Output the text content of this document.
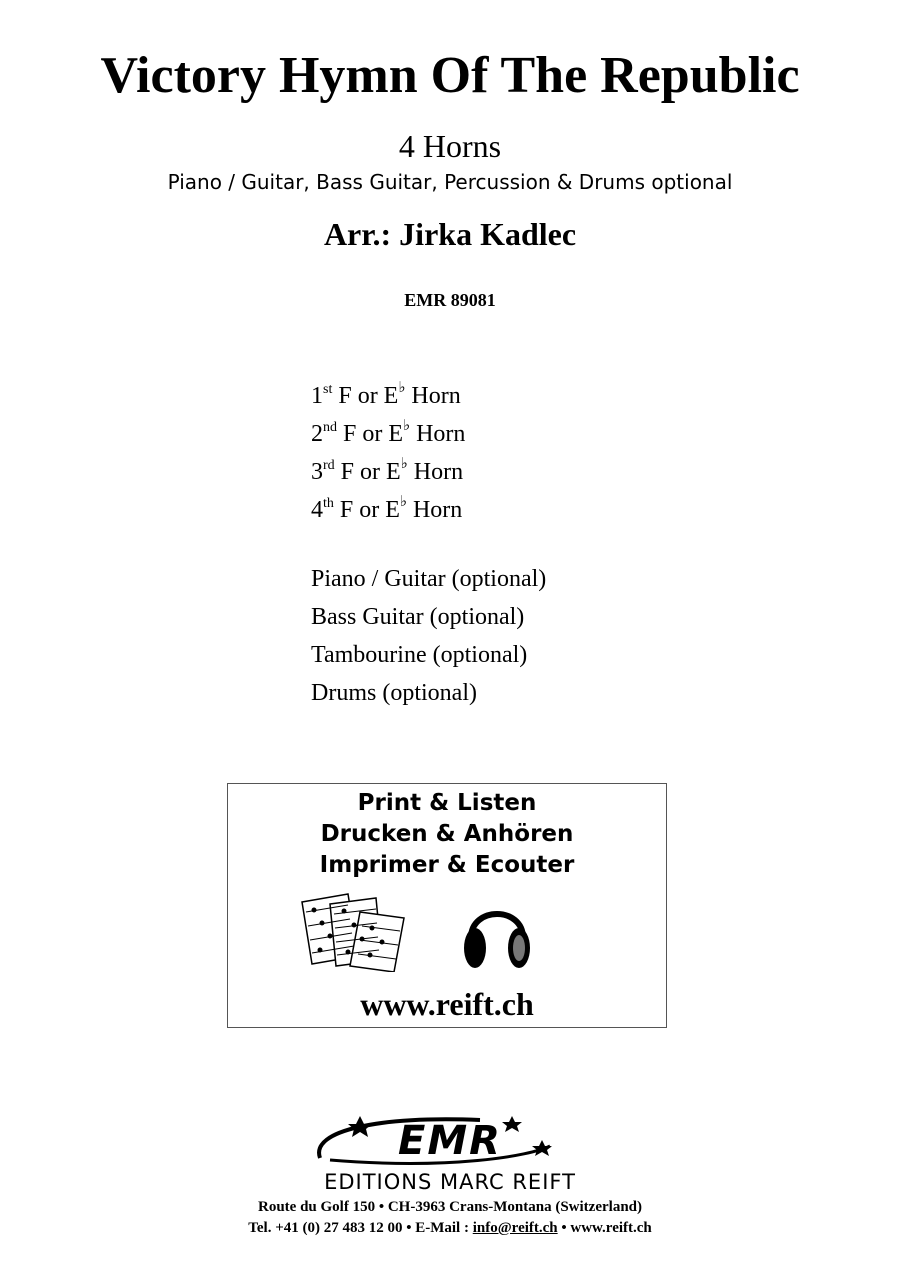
Victory Hymn Of The Republic
4 Horns
Piano / Guitar, Bass Guitar, Percussion & Drums optional
Arr.: Jirka Kadlec
EMR 89081
1st F or E♭ Horn
2nd F or E♭ Horn
3rd F or E♭ Horn
4th F or E♭ Horn
Piano / Guitar (optional)
Bass Guitar (optional)
Tambourine (optional)
Drums (optional)
Print & Listen
Drucken & Anhören
Imprimer & Ecouter
www.reift.ch
EMR
EDITIONS MARC REIFT
Route du Golf 150 • CH-3963 Crans-Montana (Switzerland)
Tel. +41 (0) 27 483 12 00 • E-Mail : info@reift.ch • www.reift.ch
